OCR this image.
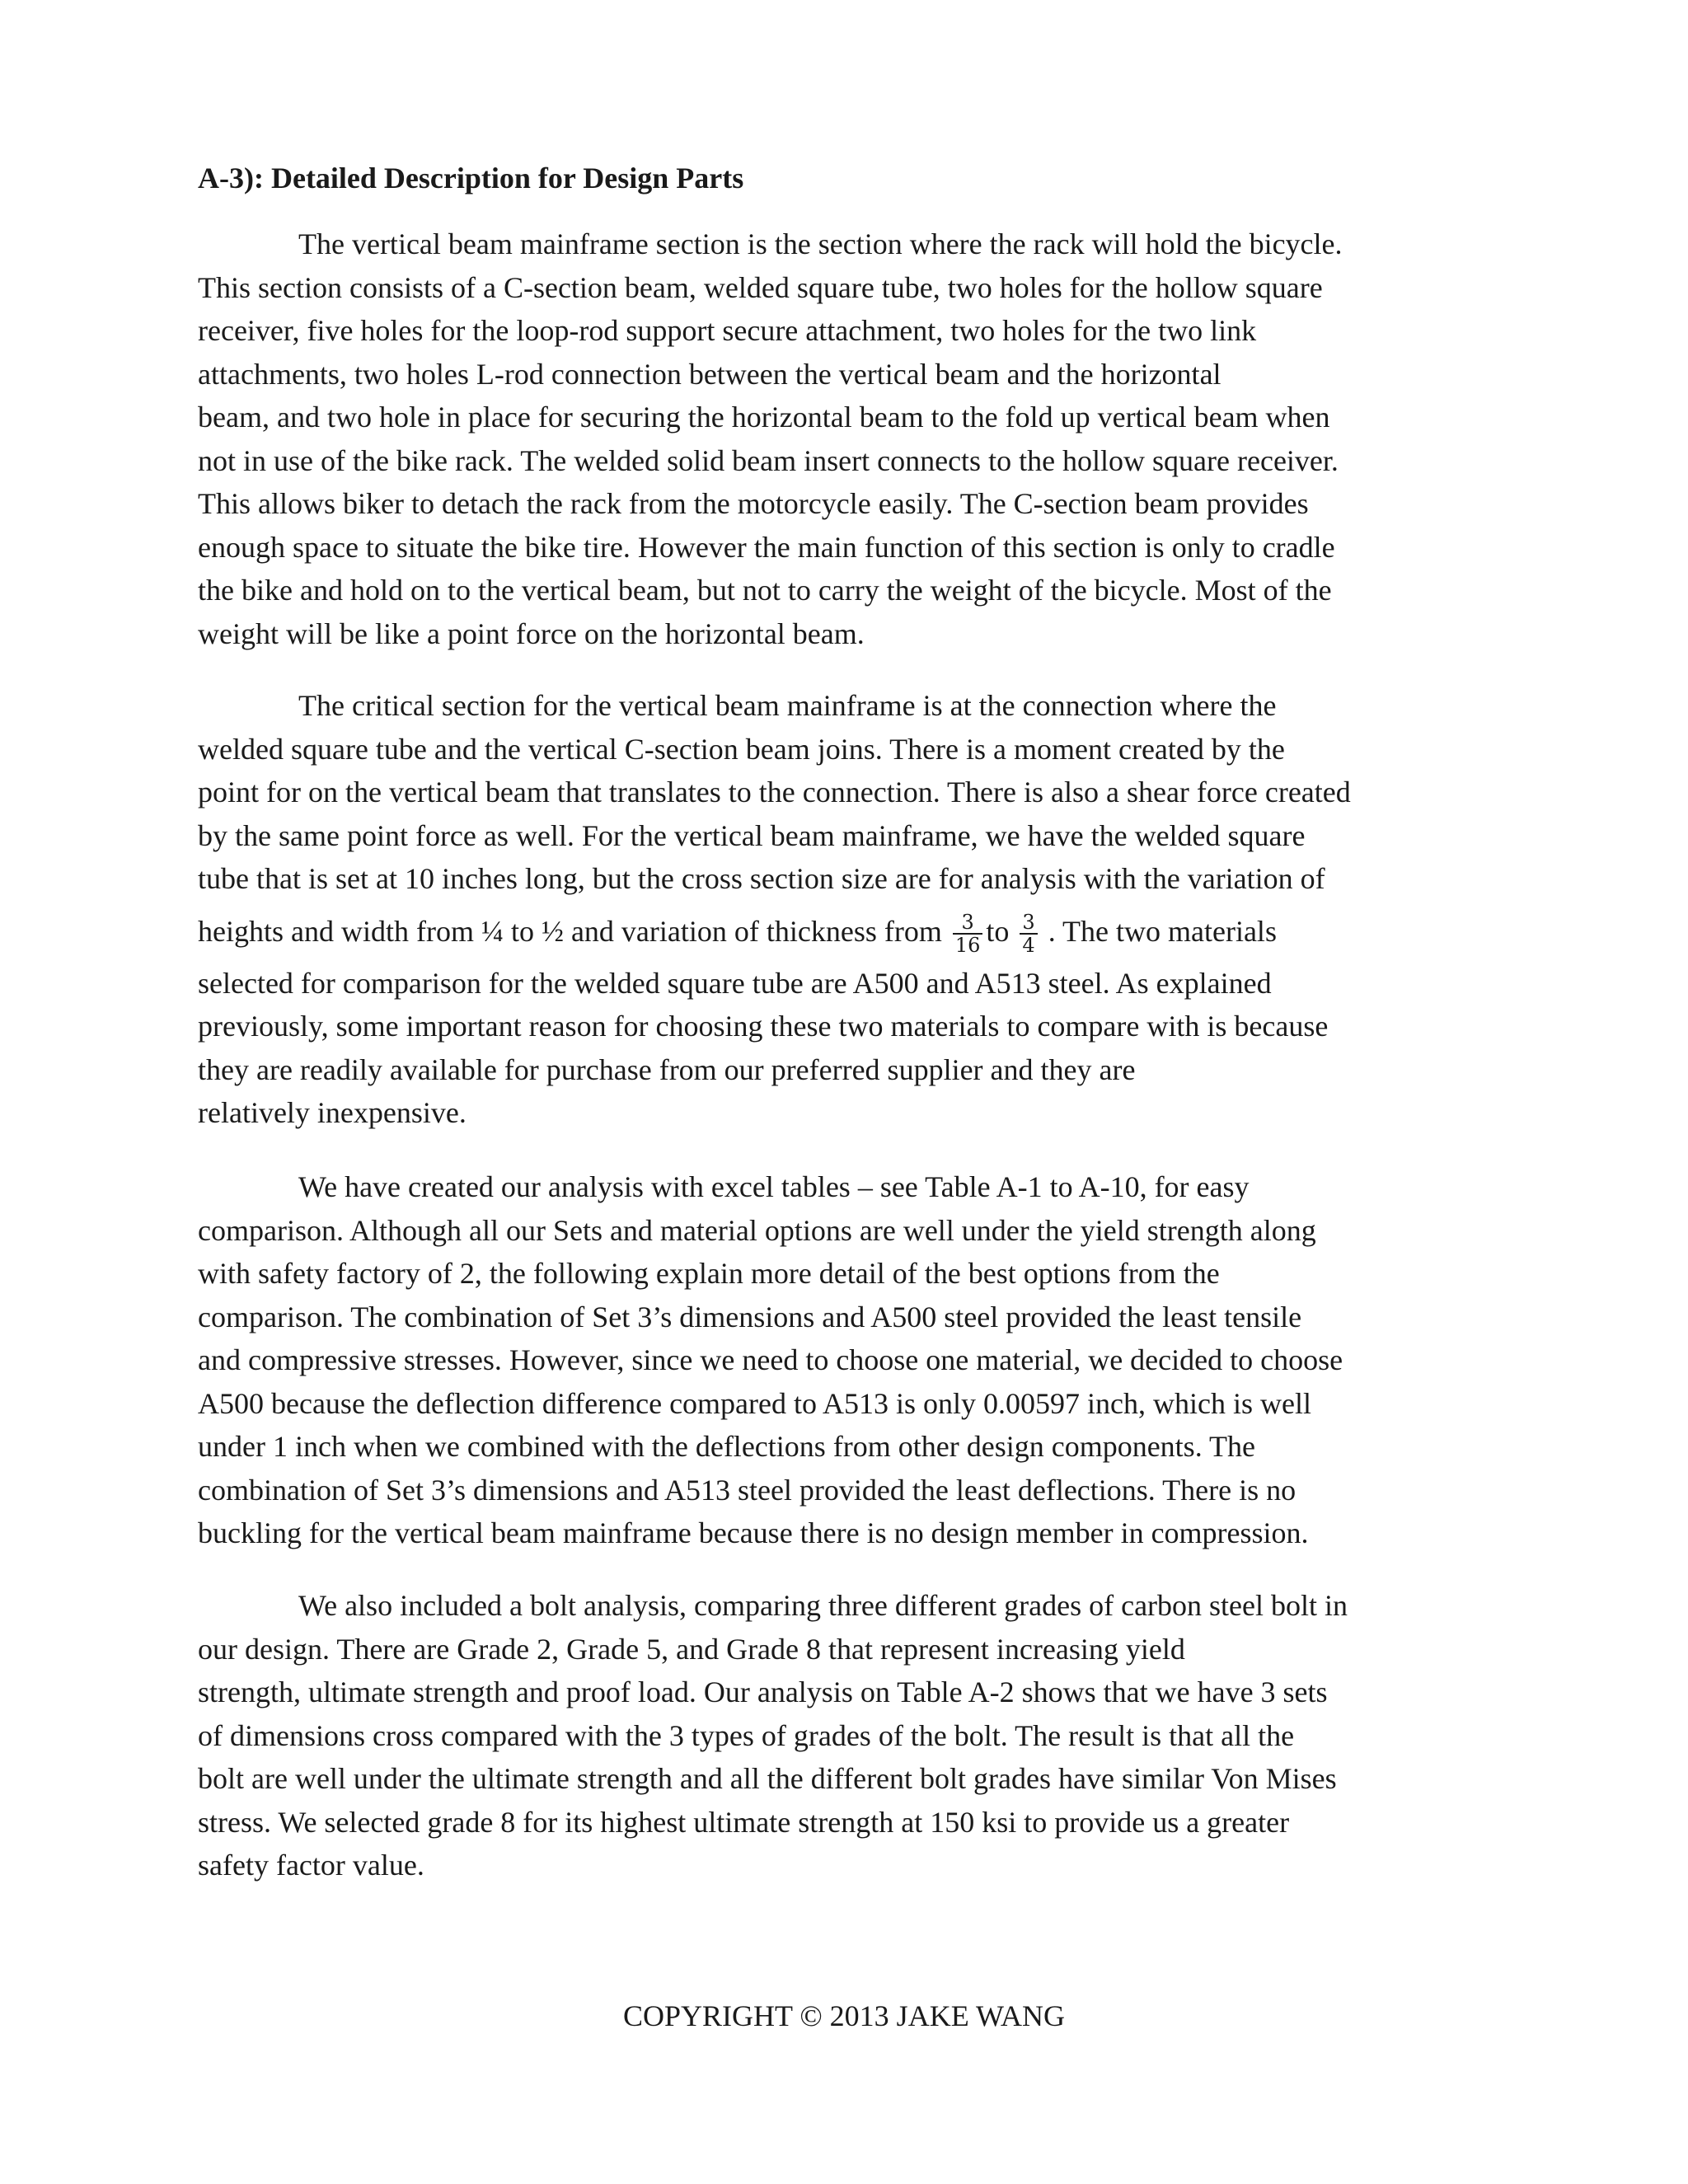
A-3): Detailed Description for Design Parts
The vertical beam mainframe section is the section where the rack will hold the bicycle.
This section consists of a C-section beam, welded square tube, two holes for the hollow square
receiver, five holes for the loop-rod support secure attachment, two holes for the two link
attachments, two holes L-rod connection between the vertical beam and the horizontal
beam, and two hole in place for securing the horizontal beam to the fold up vertical beam when
not in use of the bike rack. The welded solid beam insert connects to the hollow square receiver.
This allows biker to detach the rack from the motorcycle easily. The C-section beam provides
enough space to situate the bike tire. However the main function of this section is only to cradle
the bike and hold on to the vertical beam, but not to carry the weight of the bicycle. Most of the
weight will be like a point force on the horizontal beam.
The critical section for the vertical beam mainframe is at the connection where the
welded square tube and the vertical C-section beam joins. There is a moment created by the
point for on the vertical beam that translates to the connection. There is also a shear force created
by the same point force as well. For the vertical beam mainframe, we have the welded square
tube that is set at 10 inches long, but the cross section size are for analysis with the variation of
heights and width from ¼ to ½ and variation of thickness from $\frac{3}{16}$ to $\frac{3}{4}$ . The two materials
selected for comparison for the welded square tube are A500 and A513 steel. As explained
previously, some important reason for choosing these two materials to compare with is because
they are readily available for purchase from our preferred supplier and they are
relatively inexpensive.
We have created our analysis with excel tables – see Table A-1 to A-10, for easy
comparison. Although all our Sets and material options are well under the yield strength along
with safety factory of 2, the following explain more detail of the best options from the
comparison. The combination of Set 3’s dimensions and A500 steel provided the least tensile
and compressive stresses. However, since we need to choose one material, we decided to choose
A500 because the deflection difference compared to A513 is only 0.00597 inch, which is well
under 1 inch when we combined with the deflections from other design components. The
combination of Set 3’s dimensions and A513 steel provided the least deflections. There is no
buckling for the vertical beam mainframe because there is no design member in compression.
We also included a bolt analysis, comparing three different grades of carbon steel bolt in
our design. There are Grade 2, Grade 5, and Grade 8 that represent increasing yield
strength, ultimate strength and proof load. Our analysis on Table A-2 shows that we have 3 sets
of dimensions cross compared with the 3 types of grades of the bolt. The result is that all the
bolt are well under the ultimate strength and all the different bolt grades have similar Von Mises
stress. We selected grade 8 for its highest ultimate strength at 150 ksi to provide us a greater
safety factor value.
COPYRIGHT © 2013 JAKE WANG
